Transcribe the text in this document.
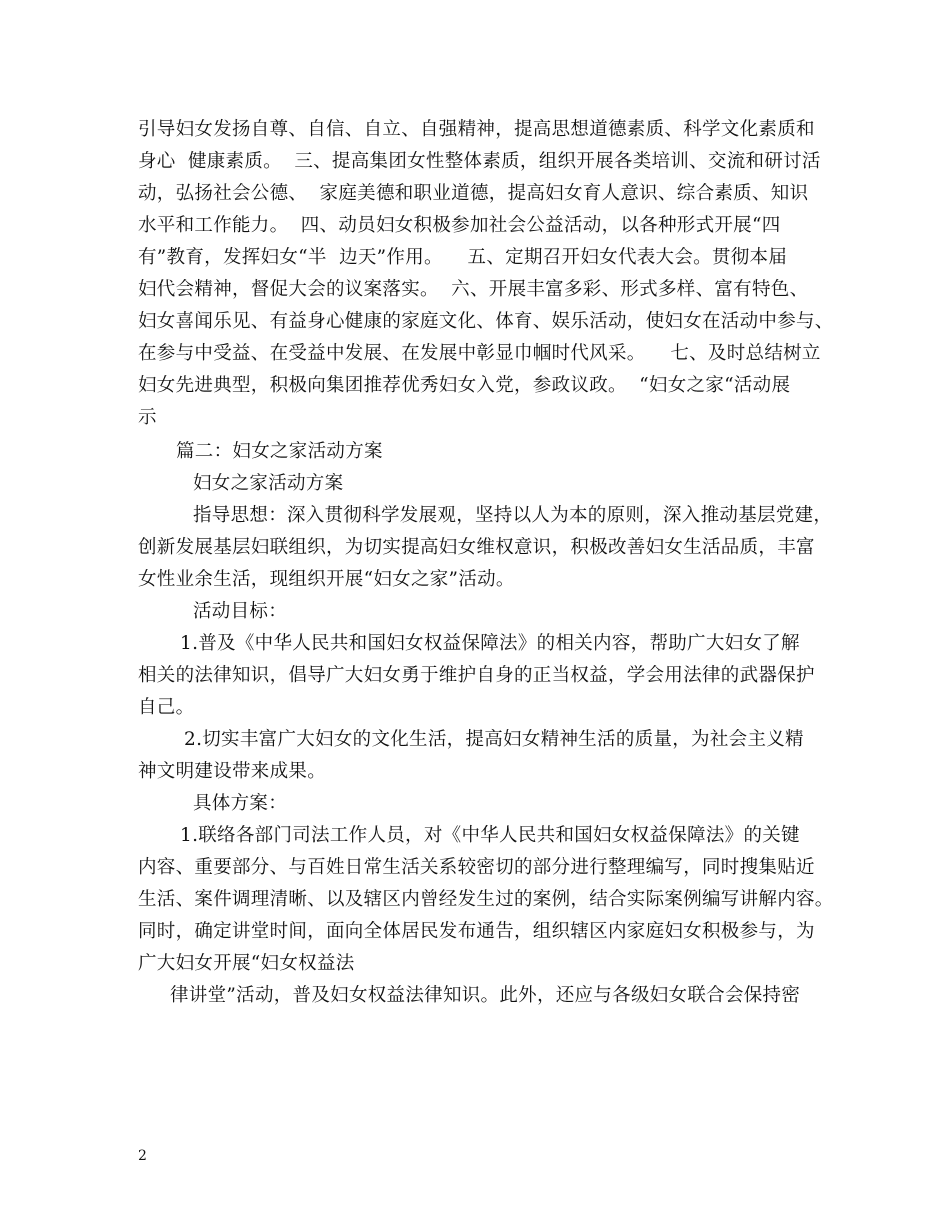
引导妇女发扬自尊、自信、自立、自强精神，提高思想道德素质、科学文化素质和
身心  健康素质。  三、提高集团女性整体素质，组织开展各类培训、交流和研讨活
动，弘扬社会公德、  家庭美德和职业道德，提高妇女育人意识、综合素质、知识
水平和工作能力。  四、动员妇女积极参加社会公益活动，以各种形式开展“四
有”教育，发挥妇女“半  边天”作用。    五、定期召开妇女代表大会。贯彻本届
妇代会精神，督促大会的议案落实。  六、开展丰富多彩、形式多样、富有特色、
妇女喜闻乐见、有益身心健康的家庭文化、体育、娱乐活动，使妇女在活动中参与、
在参与中受益、在受益中发展、在发展中彰显巾帼时代风采。    七、及时总结树立
妇女先进典型，积极向集团推荐优秀妇女入党，参政议政。  “妇女之家“活动展
示
篇二：妇女之家活动方案
妇女之家活动方案
指导思想：深入贯彻科学发展观，坚持以人为本的原则，深入推动基层党建，
创新发展基层妇联组织，为切实提高妇女维权意识，积极改善妇女生活品质，丰富
女性业余生活，现组织开展“妇女之家”活动。
活动目标：
1.普及《中华人民共和国妇女权益保障法》的相关内容，帮助广大妇女了解
相关的法律知识，倡导广大妇女勇于维护自身的正当权益，学会用法律的武器保护
自己。
2.切实丰富广大妇女的文化生活，提高妇女精神生活的质量，为社会主义精
神文明建设带来成果。
具体方案：
1.联络各部门司法工作人员，对《中华人民共和国妇女权益保障法》的关键
内容、重要部分、与百姓日常生活关系较密切的部分进行整理编写，同时搜集贴近
生活、案件调理清晰、以及辖区内曾经发生过的案例，结合实际案例编写讲解内容。
同时，确定讲堂时间，面向全体居民发布通告，组织辖区内家庭妇女积极参与，为
广大妇女开展“妇女权益法
律讲堂”活动，普及妇女权益法律知识。此外，还应与各级妇女联合会保持密
2
